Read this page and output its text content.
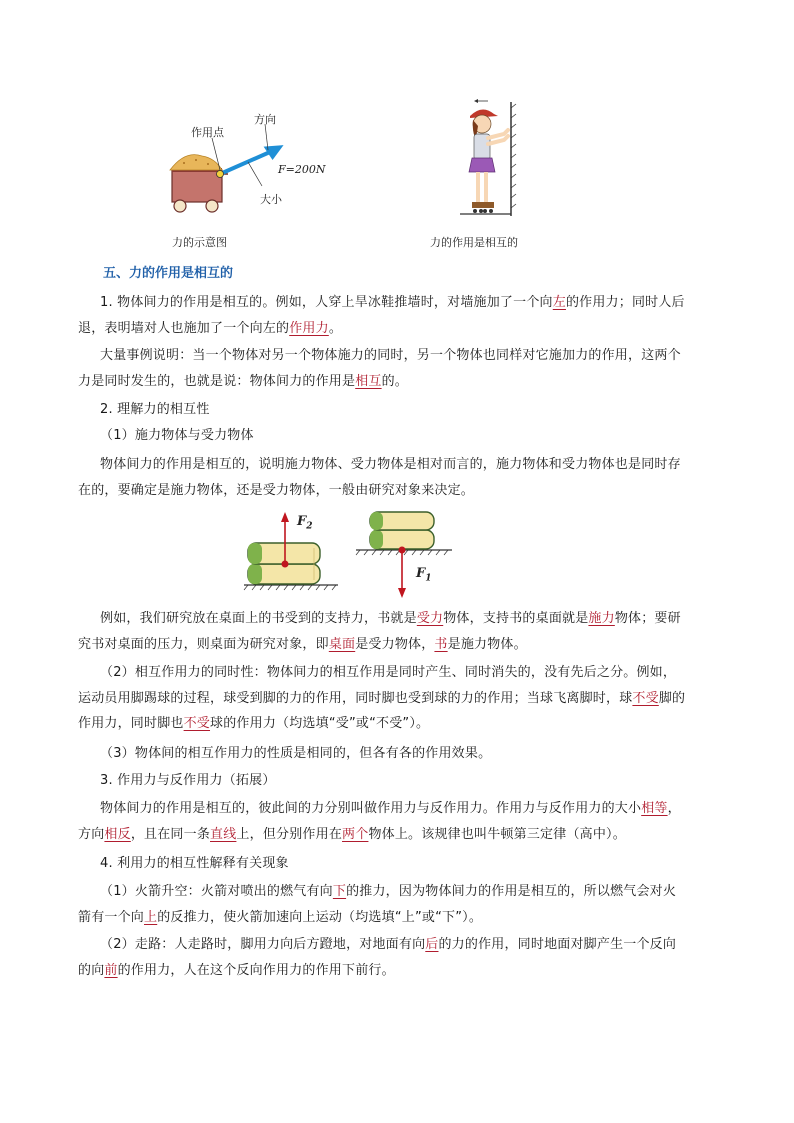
作用点
方向
F=200N
大小
力的示意图	力的作用是相互的
五、力的作用是相互的
1. 物体间力的作用是相互的。例如，人穿上旱冰鞋推墙时，对墙施加了一个向左的作用力；同时人后
退，表明墙对人也施加了一个向左的作用力。
大量事例说明：当一个物体对另一个物体施力的同时，另一个物体也同样对它施加力的作用，这两个
力是同时发生的，也就是说：物体间力的作用是相互的。
2. 理解力的相互性
（1）施力物体与受力物体
物体间力的作用是相互的，说明施力物体、受力物体是相对而言的，施力物体和受力物体也是同时存
在的，要确定是施力物体，还是受力物体，一般由研究对象来决定。
$F_2$
$F_1$
例如，我们研究放在桌面上的书受到的支持力，书就是受力物体，支持书的桌面就是施力物体；要研
究书对桌面的压力，则桌面为研究对象，即桌面是受力物体，书是施力物体。
（2）相互作用力的同时性：物体间力的相互作用是同时产生、同时消失的，没有先后之分。例如，
运动员用脚踢球的过程，球受到脚的力的作用，同时脚也受到球的力的作用；当球飞离脚时，球不受脚的
作用力，同时脚也不受球的作用力（均选填“受”或“不受”）。
（3）物体间的相互作用力的性质是相同的，但各有各的作用效果。
3. 作用力与反作用力（拓展）
物体间力的作用是相互的，彼此间的力分别叫做作用力与反作用力。作用力与反作用力的大小相等，
方向相反，且在同一条直线上，但分别作用在两个物体上。该规律也叫牛顿第三定律（高中）。
4. 利用力的相互性解释有关现象
（1）火箭升空：火箭对喷出的燃气有向下的推力，因为物体间力的作用是相互的，所以燃气会对火
箭有一个向上的反推力，使火箭加速向上运动（均选填“上”或“下”）。
（2）走路：人走路时，脚用力向后方蹬地，对地面有向后的力的作用，同时地面对脚产生一个反向
的向前的作用力，人在这个反向作用力的作用下前行。
